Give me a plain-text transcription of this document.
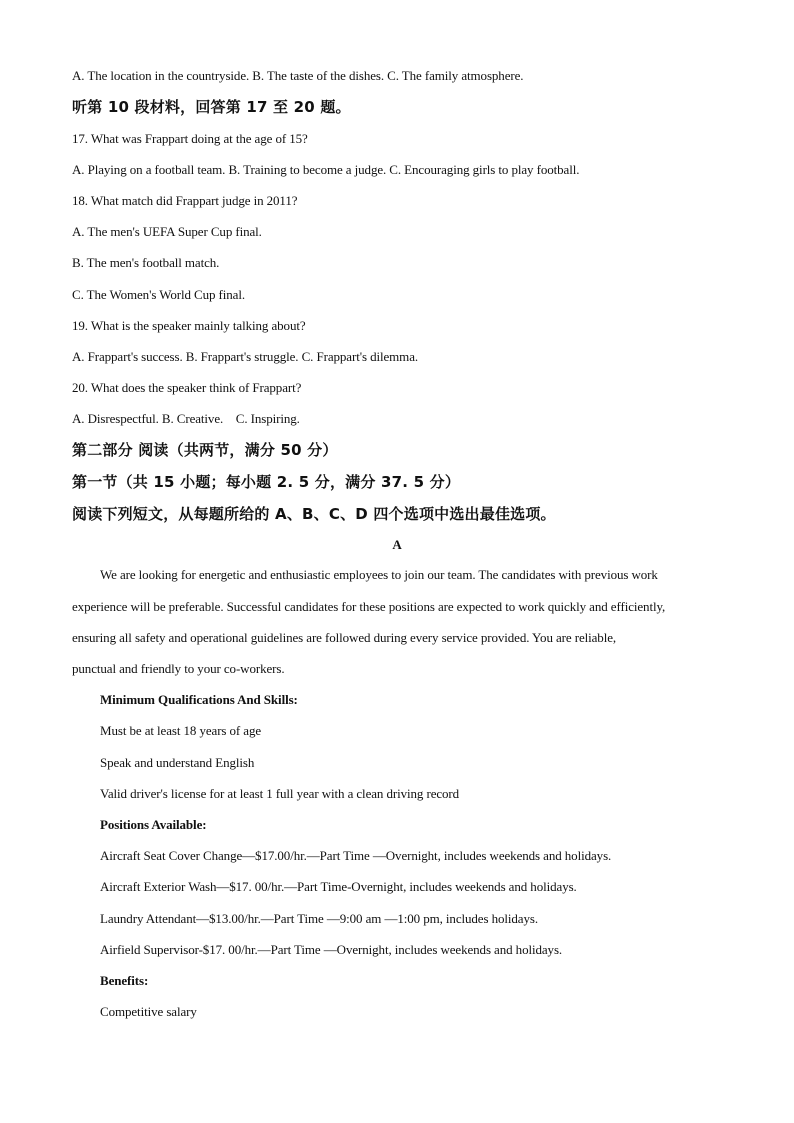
A. The location in the countryside. B. The taste of the dishes. C. The family atmosphere.
听第 10 段材料，回答第 17 至 20 题。
17. What was Frappart doing at the age of 15?
A. Playing on a football team. B. Training to become a judge. C. Encouraging girls to play football.
18. What match did Frappart judge in 2011?
A. The men's UEFA Super Cup final.
B. The men's football match.
C. The Women's World Cup final.
19. What is the speaker mainly talking about?
A. Frappart's success. B. Frappart's struggle. C. Frappart's dilemma.
20. What does the speaker think of Frappart?
A. Disrespectful. B. Creative.    C. Inspiring.
第二部分 阅读（共两节，满分 50 分）
第一节（共 15 小题；每小题 2. 5 分，满分 37. 5 分）
阅读下列短文，从每题所给的 A、B、C、D 四个选项中选出最佳选项。
A
We are looking for energetic and enthusiastic employees to join our team. The candidates with previous work
experience will be preferable. Successful candidates for these positions are expected to work quickly and efficiently,
ensuring all safety and operational guidelines are followed during every service provided. You are reliable,
punctual and friendly to your co-workers.
Minimum Qualifications And Skills:
Must be at least 18 years of age
Speak and understand English
Valid driver's license for at least 1 full year with a clean driving record
Positions Available:
Aircraft Seat Cover Change—$17.00/hr.—Part Time —Overnight, includes weekends and holidays.
Aircraft Exterior Wash—$17. 00/hr.—Part Time-Overnight, includes weekends and holidays.
Laundry Attendant—$13.00/hr.—Part Time —9:00 am —1:00 pm, includes holidays.
Airfield Supervisor-$17. 00/hr.—Part Time —Overnight, includes weekends and holidays.
Benefits:
Competitive salary
